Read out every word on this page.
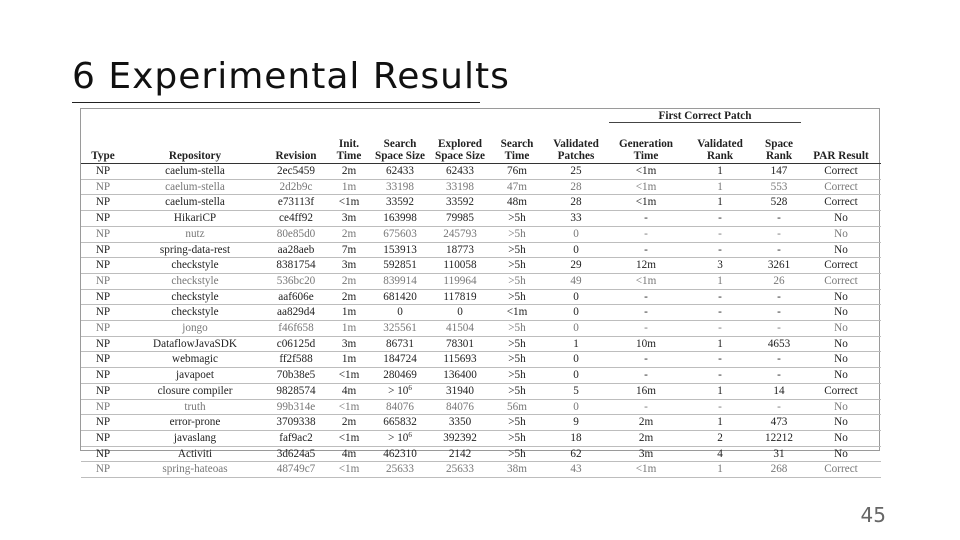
6 Experimental Results
								First Correct Patch			
Type	Repository	Revision	Init. Time	Search Space Size	Explored Space Size	Search Time	Validated Patches	Generation Time	Validated Rank	Space Rank	PAR Result
NP	caelum-stella	2ec5459	2m	62433	62433	76m	25	<1m	1	147	Correct
NP	caelum-stella	2d2b9c	1m	33198	33198	47m	28	<1m	1	553	Correct
NP	caelum-stella	e73113f	<1m	33592	33592	48m	28	<1m	1	528	Correct
NP	HikariCP	ce4ff92	3m	163998	79985	>5h	33	-	-	-	No
NP	nutz	80e85d0	2m	675603	245793	>5h	0	-	-	-	No
NP	spring-data-rest	aa28aeb	7m	153913	18773	>5h	0	-	-	-	No
NP	checkstyle	8381754	3m	592851	110058	>5h	29	12m	3	3261	Correct
NP	checkstyle	536bc20	2m	839914	119964	>5h	49	<1m	1	26	Correct
NP	checkstyle	aaf606e	2m	681420	117819	>5h	0	-	-	-	No
NP	checkstyle	aa829d4	1m	0	0	<1m	0	-	-	-	No
NP	jongo	f46f658	1m	325561	41504	>5h	0	-	-	-	No
NP	DataflowJavaSDK	c06125d	3m	86731	78301	>5h	1	10m	1	4653	No
NP	webmagic	ff2f588	1m	184724	115693	>5h	0	-	-	-	No
NP	javapoet	70b38e5	<1m	280469	136400	>5h	0	-	-	-	No
NP	closure compiler	9828574	4m	> $10^6$	31940	>5h	5	16m	1	14	Correct
NP	truth	99b314e	<1m	84076	84076	56m	0	-	-	-	No
NP	error-prone	3709338	2m	665832	3350	>5h	9	2m	1	473	No
NP	javaslang	faf9ac2	<1m	> $10^6$	392392	>5h	18	2m	2	12212	No
NP	Activiti	3d624a5	4m	462310	2142	>5h	62	3m	4	31	No
NP	spring-hateoas	48749c7	<1m	25633	25633	38m	43	<1m	1	268	Correct
45
